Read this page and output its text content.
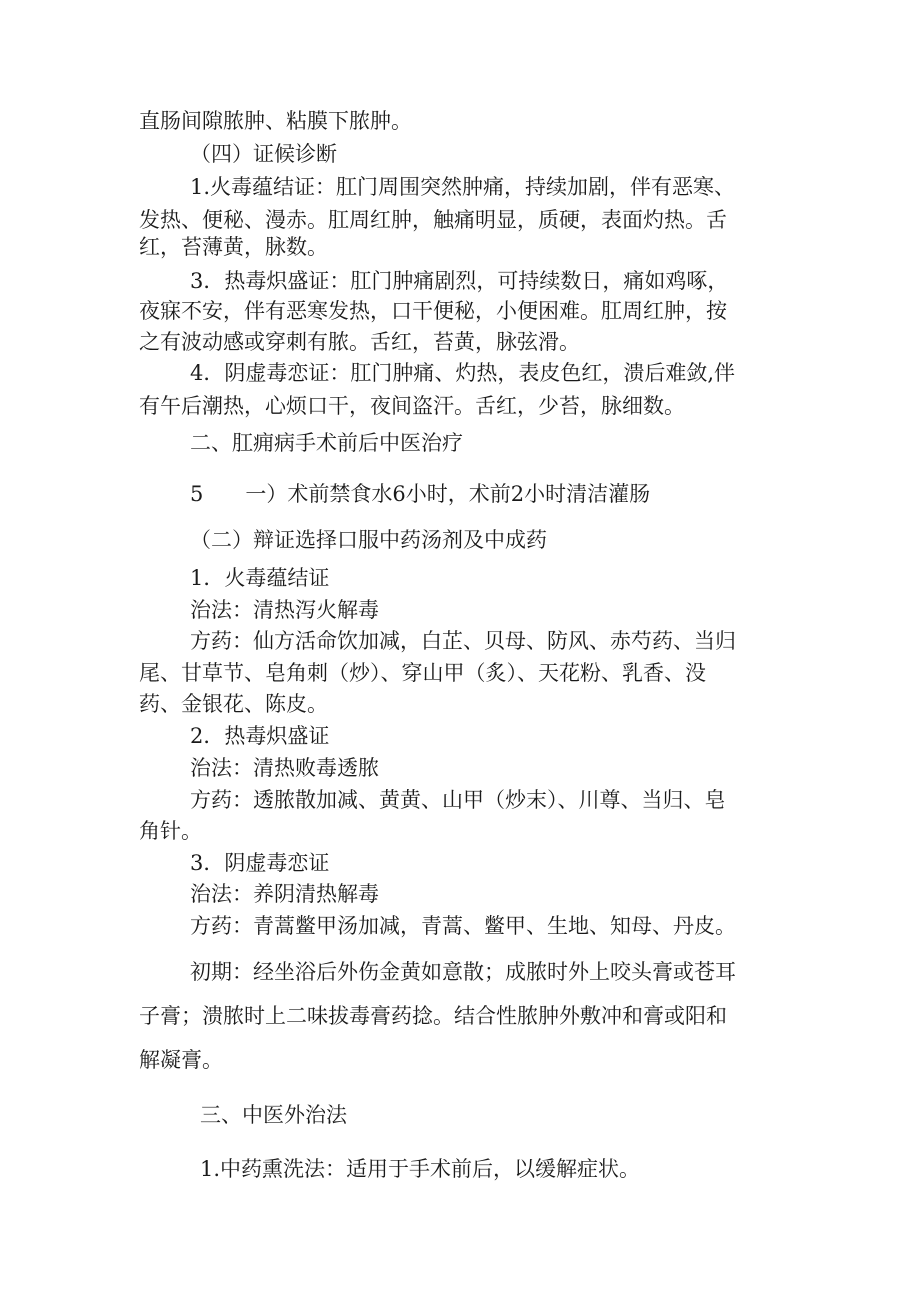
直肠间隙脓肿、粘膜下脓肿。

（四）证候诊断

1.火毒蕴结证：肛门周围突然肿痛，持续加剧，伴有恶寒、

发热、便秘、漫赤。肛周红肿，触痛明显，质硬，表面灼热。舌

红，苔薄黄，脉数。

3．热毒炽盛证：肛门肿痛剧烈，可持续数日，痛如鸡啄，

夜寐不安，伴有恶寒发热，口干便秘，小便困难。肛周红肿，按

之有波动感或穿刺有脓。舌红，苔黄，脉弦滑。

4．阴虚毒恋证：肛门肿痛、灼热，表皮色红，溃后难敛,伴

有午后潮热，心烦口干，夜间盗汗。舌红，少苔，脉细数。

二、肛痈病手术前后中医治疗

5　　一）术前禁食水6小时，术前2小时清洁灌肠

（二）辩证选择口服中药汤剂及中成药

1．火毒蕴结证

治法：清热泻火解毒

方药：仙方活命饮加减，白芷、贝母、防风、赤芍药、当归

尾、甘草节、皂角刺（炒）、穿山甲（炙）、天花粉、乳香、没

药、金银花、陈皮。

2．热毒炽盛证

治法：清热败毒透脓

方药：透脓散加减、黄黄、山甲（炒末）、川尊、当归、皂

角针。

3．阴虚毒恋证

治法：养阴清热解毒

方药：青蒿鳖甲汤加减，青蒿、鳖甲、生地、知母、丹皮。

初期：经坐浴后外伤金黄如意散；成脓时外上咬头膏或苍耳

子膏；溃脓时上二味拔毒膏药捻。结合性脓肿外敷冲和膏或阳和

解凝膏。

三、中医外治法

1.中药熏洗法：适用于手术前后，以缓解症状。
